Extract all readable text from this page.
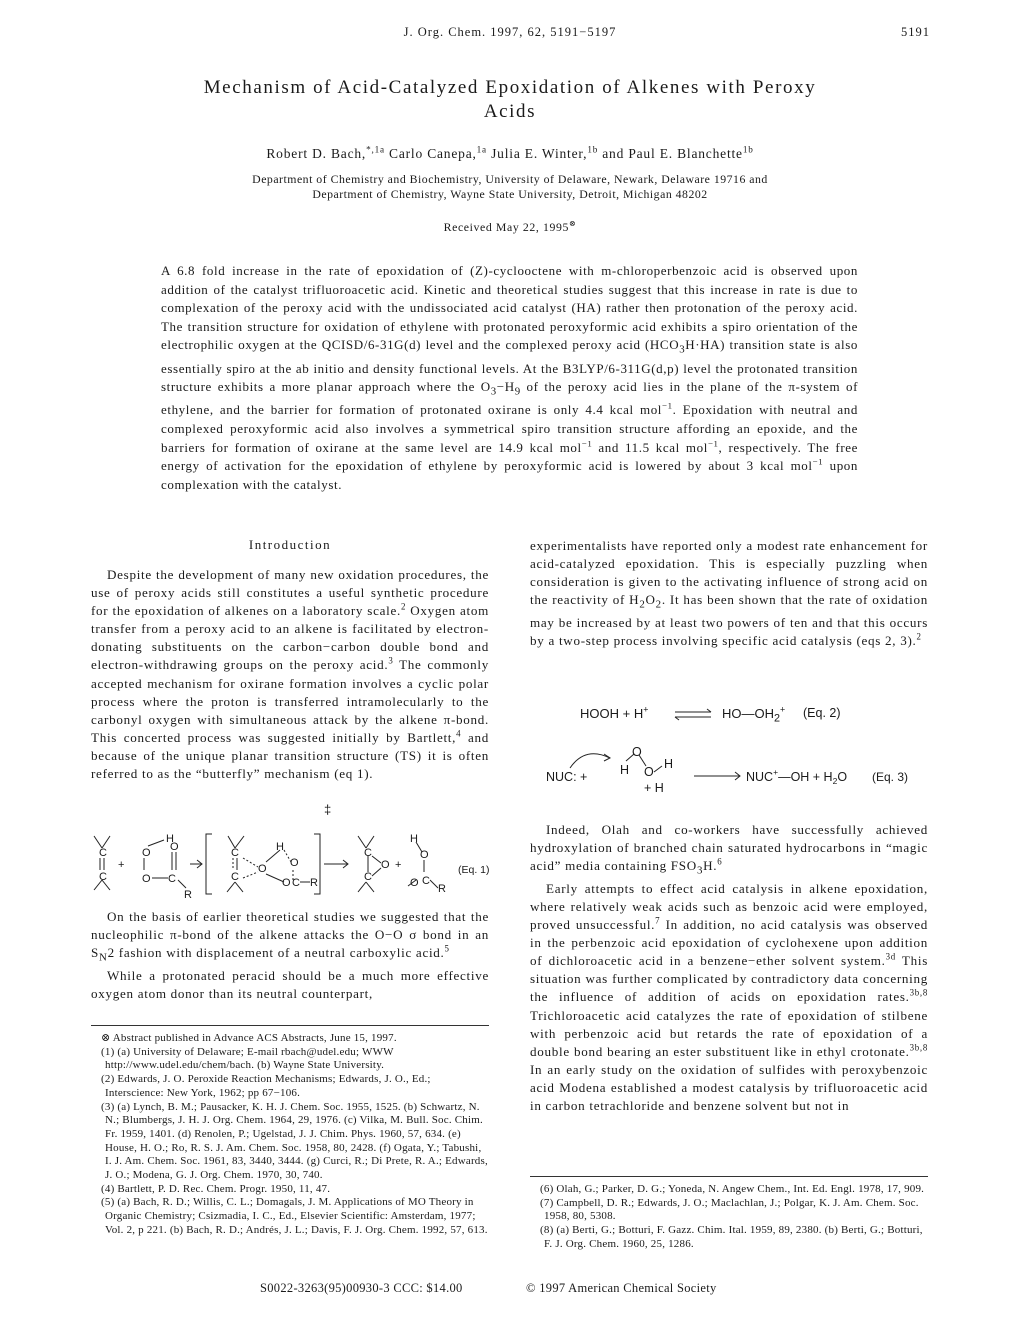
J. Org. Chem. 1997, 62, 5191−5197	5191
Mechanism of Acid-Catalyzed Epoxidation of Alkenes with Peroxy
Acids
Robert D. Bach,$^{*,1a}$ Carlo Canepa,$^{1a}$ Julia E. Winter,$^{1b}$ and Paul E. Blanchette$^{1b}$
Department of Chemistry and Biochemistry, University of Delaware, Newark, Delaware 19716 and
Department of Chemistry, Wayne State University, Detroit, Michigan 48202
Received May 22, 1995⊗
A 6.8 fold increase in the rate of epoxidation of (Z)-cyclooctene with m-chloroperbenzoic acid is observed upon addition of the catalyst trifluoroacetic acid. Kinetic and theoretical studies suggest that this increase in rate is due to complexation of the peroxy acid with the undissociated acid catalyst (HA) rather then protonation of the peroxy acid. The transition structure for oxidation of ethylene with protonated peroxyformic acid exhibits a spiro orientation of the electrophilic oxygen at the QCISD/6-31G(d) level and the complexed peroxy acid $(HCO_3H\cdot HA)$ transition state is also essentially spiro at the ab initio and density functional levels. At the B3LYP/6-311G(d,p) level the protonated transition structure exhibits a more planar approach where the $O_3-H_9$ of the peroxy acid lies in the plane of the π-system of ethylene, and the barrier for formation of protonated oxirane is only 4.4 kcal mol$^{-1}$. Epoxidation with neutral and complexed peroxyformic acid also involves a symmetrical spiro transition structure affording an epoxide, and the barriers for formation of oxirane at the same level are 14.9 kcal mol$^{-1}$ and 11.5 kcal mol$^{-1}$, respectively. The free energy of activation for the epoxidation of ethylene by peroxyformic acid is lowered by about 3 kcal mol$^{-1}$ upon complexation with the catalyst.
Introduction

Despite the development of many new oxidation procedures, the use of peroxy acids still constitutes a useful synthetic procedure for the epoxidation of alkenes on a laboratory scale.$^2$ Oxygen atom transfer from a peroxy acid to an alkene is facilitated by electron-donating substituents on the carbon−carbon double bond and electron-withdrawing groups on the peroxy acid.$^3$ The commonly accepted mechanism for oxirane formation involves a cyclic polar process where the proton is transferred intramolecularly to the carbonyl oxygen with simultaneous attack by the alkene π-bond. This concerted process was suggested initially by Bartlett,$^4$ and because of the unique planar transition structure (TS) it is often referred to as the “butterfly” mechanism (eq 1).

C
C
+
O
H
O
O C
R
C
C
O
H
O
O C R
C
C
O +
H
O
O C
R
‡
(Eq. 1)

On the basis of earlier theoretical studies we suggested that the nucleophilic π-bond of the alkene attacks the O−O σ bond in an $S_N2$ fashion with displacement of a neutral carboxylic acid.$^5$

While a protonated peracid should be a much more effective oxygen atom donor than its neutral counterpart,

⊗ Abstract published in Advance ACS Abstracts, June 15, 1997.

(1) (a) University of Delaware; E-mail rbach@udel.edu; WWW http://www.udel.edu/chem/bach. (b) Wayne State University.

(2) Edwards, J. O. Peroxide Reaction Mechanisms; Edwards, J. O., Ed.; Interscience: New York, 1962; pp 67−106.

(3) (a) Lynch, B. M.; Pausacker, K. H. J. Chem. Soc. 1955, 1525. (b) Schwartz, N. N.; Blumbergs, J. H. J. Org. Chem. 1964, 29, 1976. (c) Vilka, M. Bull. Soc. Chim. Fr. 1959, 1401. (d) Renolen, P.; Ugelstad, J. J. Chim. Phys. 1960, 57, 634. (e) House, H. O.; Ro, R. S. J. Am. Chem. Soc. 1958, 80, 2428. (f) Ogata, Y.; Tabushi, I. J. Am. Chem. Soc. 1961, 83, 3440, 3444. (g) Curci, R.; Di Prete, R. A.; Edwards, J. O.; Modena, G. J. Org. Chem. 1970, 30, 740.

(4) Bartlett, P. D. Rec. Chem. Progr. 1950, 11, 47.

(5) (a) Bach, R. D.; Willis, C. L.; Domagals, J. M. Applications of MO Theory in Organic Chemistry; Csizmadia, I. C., Ed., Elsevier Scientific: Amsterdam, 1977; Vol. 2, p 221. (b) Bach, R. D.; Andrés, J. L.; Davis, F. J. Org. Chem. 1992, 57, 613.

experimentalists have reported only a modest rate enhancement for acid-catalyzed epoxidation. This is especially puzzling when consideration is given to the activating influence of strong acid on the reactivity of $H_2O_2$. It has been shown that the rate of oxidation may be increased by at least two powers of ten and that this occurs by a two-step process involving specific acid catalysis (eqs 2, 3).$^2$

HOOH + H+ ⇌ $HO—OH_2^+$ (Eq. 2)
NUC: +	H
O
O
H
+ H
NUC+—OH + $H_2O$ (Eq. 3)

Indeed, Olah and co-workers have successfully achieved hydroxylation of branched chain saturated hydrocarbons in “magic acid” media containing $FSO_3H.^6$

Early attempts to effect acid catalysis in alkene epoxidation, where relatively weak acids such as benzoic acid were employed, proved unsuccessful.$^7$ In addition, no acid catalysis was observed in the perbenzoic acid epoxidation of cyclohexene upon addition of dichloroacetic acid in a benzene−ether solvent system.$^{3d}$ This situation was further complicated by contradictory data concerning the influence of addition of acids on epoxidation rates.$^{3b,8}$ Trichloroacetic acid catalyzes the rate of epoxidation of stilbene with perbenzoic acid but retards the rate of epoxidation of a double bond bearing an ester substituent like in ethyl crotonate.$^{3b,8}$ In an early study on the oxidation of sulfides with peroxybenzoic acid Modena established a modest catalysis by trifluoroacetic acid in carbon tetrachloride and benzene solvent but not in

(6) Olah, G.; Parker, D. G.; Yoneda, N. Angew Chem., Int. Ed. Engl. 1978, 17, 909.

(7) Campbell, D. R.; Edwards, J. O.; Maclachlan, J.; Polgar, K. J. Am. Chem. Soc. 1958, 80, 5308.

(8) (a) Berti, G.; Botturi, F. Gazz. Chim. Ital. 1959, 89, 2380. (b) Berti, G.; Botturi, F. J. Org. Chem. 1960, 25, 1286.

S0022-3263(95)00930-3 CCC: $14.00	© 1997 American Chemical Society
